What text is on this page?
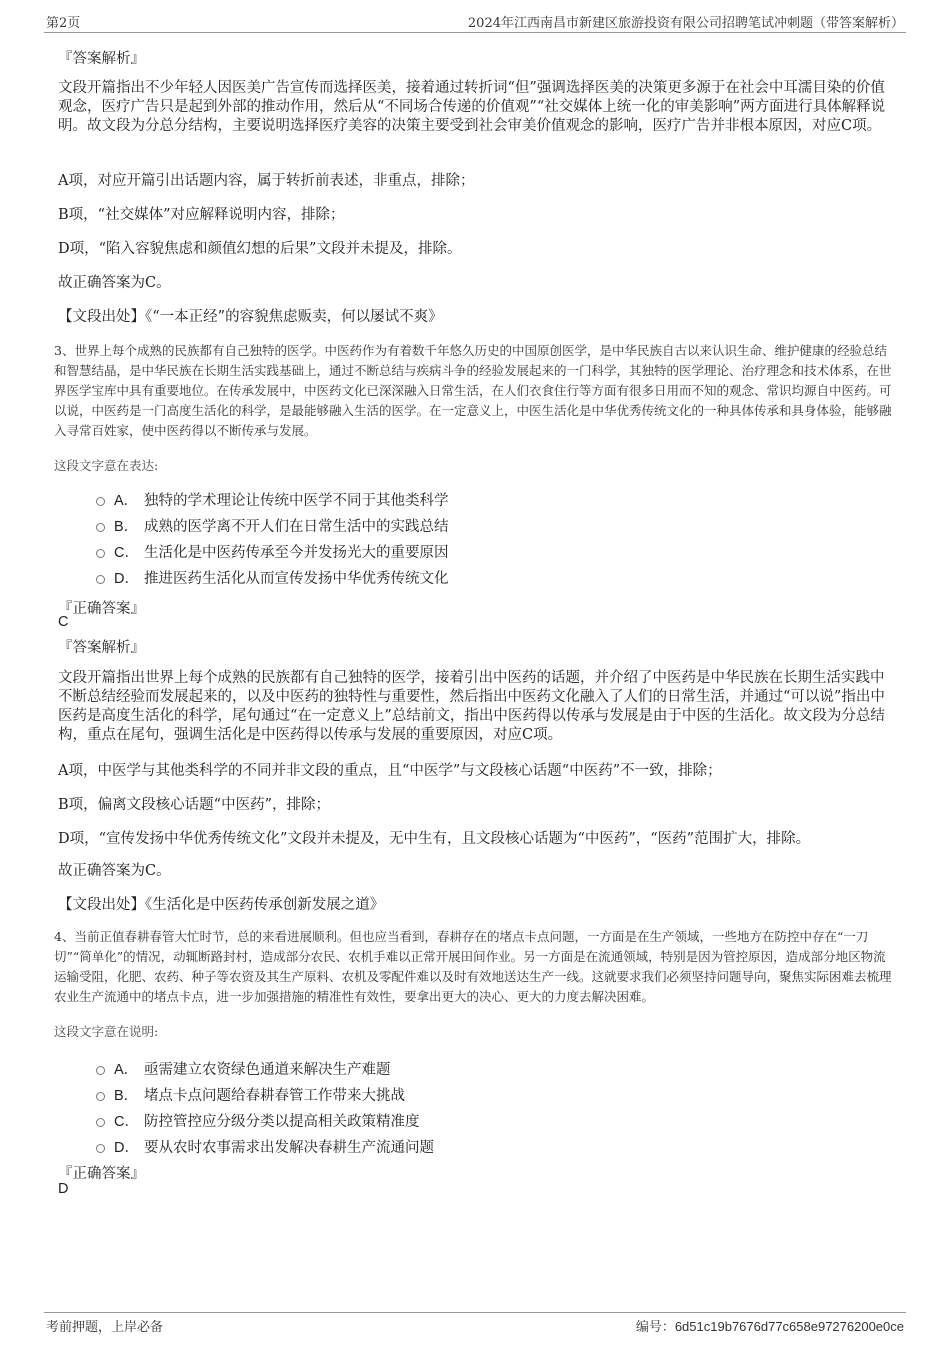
第2页	2024年江西南昌市新建区旅游投资有限公司招聘笔试冲刺题（带答案解析）
『答案解析』
文段开篇指出不少年轻人因医美广告宣传而选择医美，接着通过转折词“但”强调选择医美的决策更多源于在社会中耳濡目染的价值观念，医疗广告只是起到外部的推动作用，然后从“不同场合传递的价值观”“社交媒体上统一化的审美影响”两方面进行具体解释说明。故文段为分总分结构，主要说明选择医疗美容的决策主要受到社会审美价值观念的影响，医疗广告并非根本原因，对应C项。
A项，对应开篇引出话题内容，属于转折前表述，非重点，排除；
B项，“社交媒体”对应解释说明内容，排除；
D项，“陷入容貌焦虑和颜值幻想的后果”文段并未提及，排除。
故正确答案为C。
【文段出处】《“一本正经”的容貌焦虑贩卖，何以屡试不爽》
3、世界上每个成熟的民族都有自己独特的医学。中医药作为有着数千年悠久历史的中国原创医学，是中华民族自古以来认识生命、维护健康的经验总结和智慧结晶，是中华民族在长期生活实践基础上，通过不断总结与疾病斗争的经验发展起来的一门科学，其独特的医学理论、治疗理念和技术体系，在世界医学宝库中具有重要地位。在传承发展中，中医药文化已深深融入日常生活，在人们衣食住行等方面有很多日用而不知的观念、常识均源自中医药。可以说，中医药是一门高度生活化的科学，是最能够融入生活的医学。在一定意义上，中医生活化是中华优秀传统文化的一种具体传承和具身体验，能够融入寻常百姓家，使中医药得以不断传承与发展。
这段文字意在表达:
A． 独特的学术理论让传统中医学不同于其他类科学
B． 成熟的医学离不开人们在日常生活中的实践总结
C． 生活化是中医药传承至今并发扬光大的重要原因
D． 推进医药生活化从而宣传发扬中华优秀传统文化
『正确答案』
C
『答案解析』
文段开篇指出世界上每个成熟的民族都有自己独特的医学，接着引出中医药的话题，并介绍了中医药是中华民族在长期生活实践中不断总结经验而发展起来的，以及中医药的独特性与重要性，然后指出中医药文化融入了人们的日常生活，并通过“可以说”指出中医药是高度生活化的科学，尾句通过“在一定意义上”总结前文，指出中医药得以传承与发展是由于中医的生活化。故文段为分总结构，重点在尾句，强调生活化是中医药得以传承与发展的重要原因，对应C项。
A项，中医学与其他类科学的不同并非文段的重点，且“中医学”与文段核心话题“中医药”不一致，排除；
B项，偏离文段核心话题“中医药”，排除；
D项，“宣传发扬中华优秀传统文化”文段并未提及，无中生有，且文段核心话题为“中医药”，“医药”范围扩大，排除。
故正确答案为C。
【文段出处】《生活化是中医药传承创新发展之道》
4、当前正值春耕春管大忙时节，总的来看进展顺利。但也应当看到，春耕存在的堵点卡点问题，一方面是在生产领域，一些地方在防控中存在“一刀切”“简单化”的情况，动辄断路封村，造成部分农民、农机手难以正常开展田间作业。另一方面是在流通领域，特别是因为管控原因，造成部分地区物流运输受阻，化肥、农药、种子等农资及其生产原料、农机及零配件难以及时有效地送达生产一线。这就要求我们必须坚持问题导向，聚焦实际困难去梳理农业生产流通中的堵点卡点，进一步加强措施的精准性有效性，要拿出更大的决心、更大的力度去解决困难。
这段文字意在说明:
A． 亟需建立农资绿色通道来解决生产难题
B． 堵点卡点问题给春耕春管工作带来大挑战
C． 防控管控应分级分类以提高相关政策精准度
D． 要从农时农事需求出发解决春耕生产流通问题
『正确答案』
D
考前押题，上岸必备	编号：6d51c19b7676d77c658e97276200e0ce
